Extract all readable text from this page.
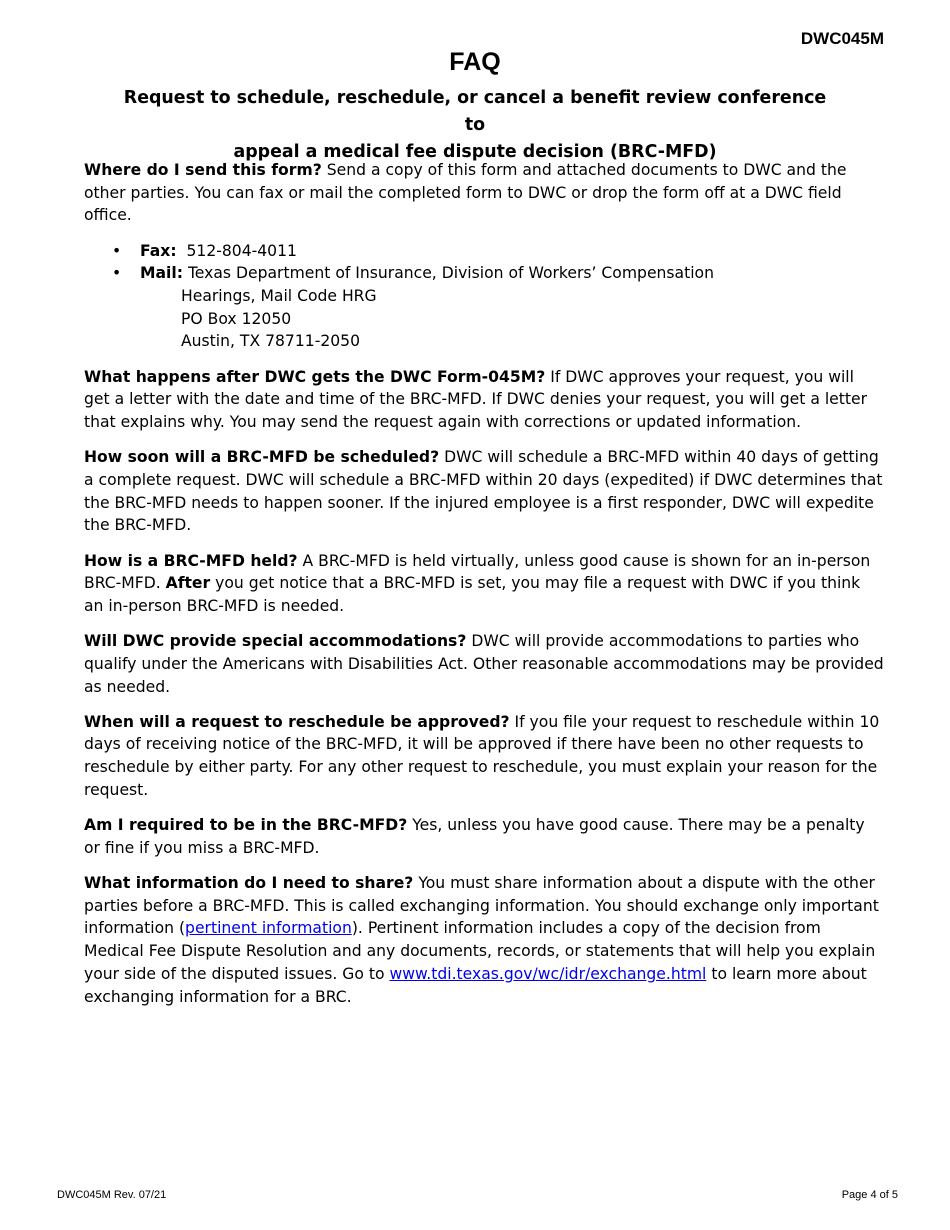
DWC045M
FAQ
Request to schedule, reschedule, or cancel a benefit review conference to
appeal a medical fee dispute decision (BRC-MFD)

Where do I send this form? Send a copy of this form and attached documents to DWC and the other parties. You can fax or mail the completed form to DWC or drop the form off at a DWC field office.

• Fax: 512-804-4011
• Mail: Texas Department of Insurance, Division of Workers’ Compensation
Hearings, Mail Code HRG
PO Box 12050
Austin, TX 78711-2050

What happens after DWC gets the DWC Form-045M? If DWC approves your request, you will get a letter with the date and time of the BRC-MFD. If DWC denies your request, you will get a letter that explains why. You may send the request again with corrections or updated information.

How soon will a BRC-MFD be scheduled? DWC will schedule a BRC-MFD within 40 days of getting a complete request. DWC will schedule a BRC-MFD within 20 days (expedited) if DWC determines that the BRC-MFD needs to happen sooner. If the injured employee is a first responder, DWC will expedite the BRC-MFD.

How is a BRC-MFD held? A BRC-MFD is held virtually, unless good cause is shown for an in-person BRC-MFD. After you get notice that a BRC-MFD is set, you may file a request with DWC if you think an in-person BRC-MFD is needed.

Will DWC provide special accommodations? DWC will provide accommodations to parties who qualify under the Americans with Disabilities Act. Other reasonable accommodations may be provided as needed.

When will a request to reschedule be approved? If you file your request to reschedule within 10 days of receiving notice of the BRC-MFD, it will be approved if there have been no other requests to reschedule by either party. For any other request to reschedule, you must explain your reason for the request.

Am I required to be in the BRC-MFD? Yes, unless you have good cause. There may be a penalty or fine if you miss a BRC-MFD.

What information do I need to share? You must share information about a dispute with the other parties before a BRC-MFD. This is called exchanging information. You should exchange only important information (pertinent information). Pertinent information includes a copy of the decision from Medical Fee Dispute Resolution and any documents, records, or statements that will help you explain your side of the disputed issues. Go to www.tdi.texas.gov/wc/idr/exchange.html to learn more about exchanging information for a BRC.

DWC045M Rev. 07/21	Page 4 of 5
